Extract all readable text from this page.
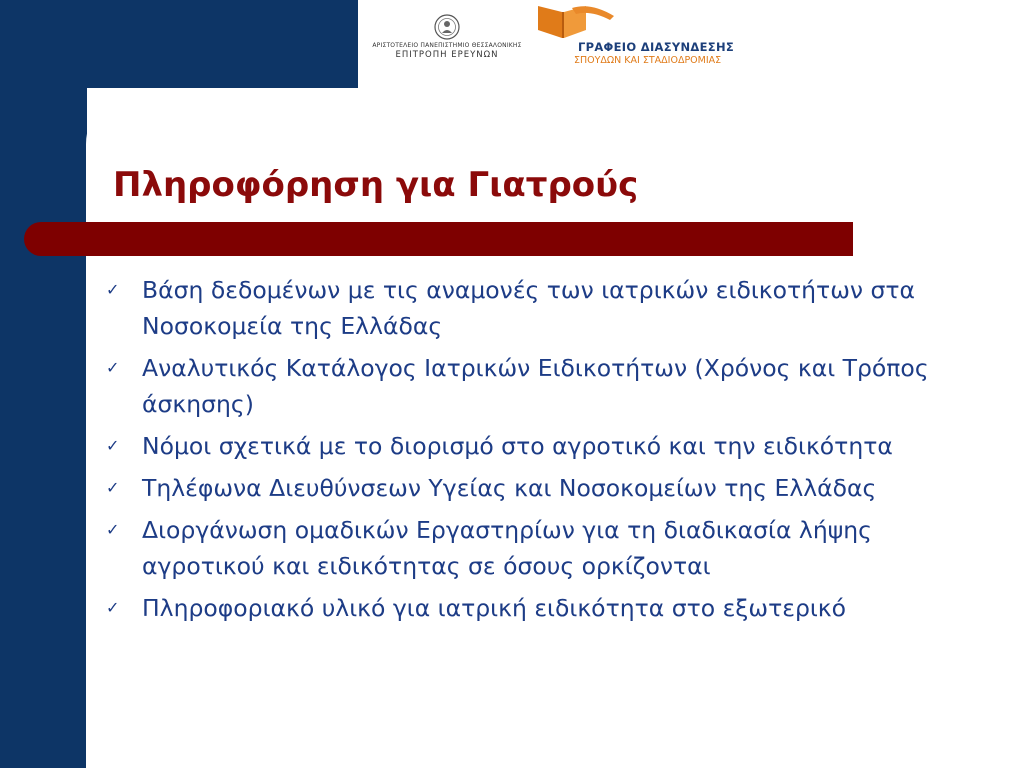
ΑΡΙΣΤΟΤΕΛΕΙΟ ΠΑΝΕΠΙΣΤΗΜΙΟ ΘΕΣΣΑΛΟΝΙΚΗΣ
ΕΠΙΤΡΟΠΗ ΕΡΕΥΝΩΝ
ΓΡΑΦΕΙΟ ΔΙΑΣΥΝΔΕΣΗΣ
ΣΠΟΥΔΩΝ ΚΑΙ ΣΤΑΔΙΟΔΡΟΜΙΑΣ
Πληροφόρηση για Γιατρούς
✓ Βάση δεδομένων με τις αναμονές των ιατρικών ειδικοτήτων στα Νοσοκομεία της Ελλάδας
✓ Αναλυτικός Κατάλογος Ιατρικών Ειδικοτήτων (Χρόνος και Τρόπος άσκησης)
✓ Νόμοι σχετικά με το διορισμό στο αγροτικό και την ειδικότητα
✓ Τηλέφωνα Διευθύνσεων Υγείας και Νοσοκομείων της Ελλάδας
✓ Διοργάνωση ομαδικών Εργαστηρίων για τη διαδικασία λήψης αγροτικού και ειδικότητας σε όσους ορκίζονται
✓ Πληροφοριακό υλικό για ιατρική ειδικότητα στο εξωτερικό
